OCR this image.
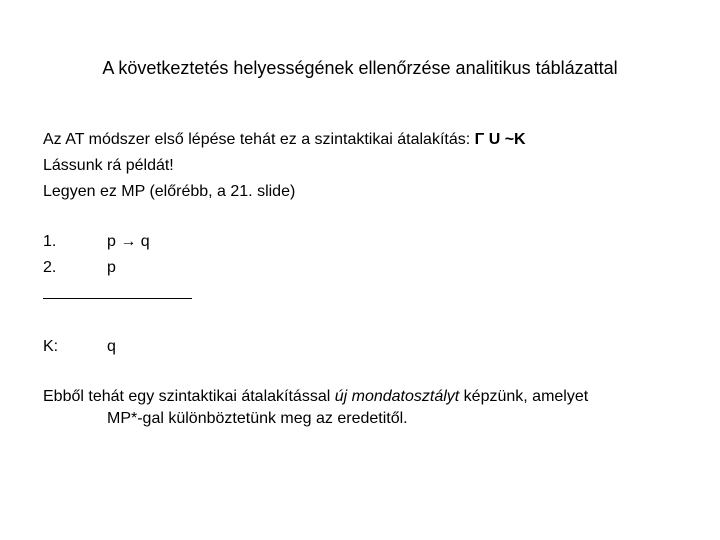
A következtetés helyességének ellenőrzése analitikus táblázattal
Az AT módszer első lépése tehát ez a szintaktikai átalakítás: Γ U ~K
Lássunk rá példát!
Legyen ez MP (előrébb, a 21. slide)
1.	p → q
2.	p
K:	q
Ebből tehát egy szintaktikai átalakítással új mondatosztályt képzünk, amelyet
MP*-gal különböztetünk meg az eredetitől.
